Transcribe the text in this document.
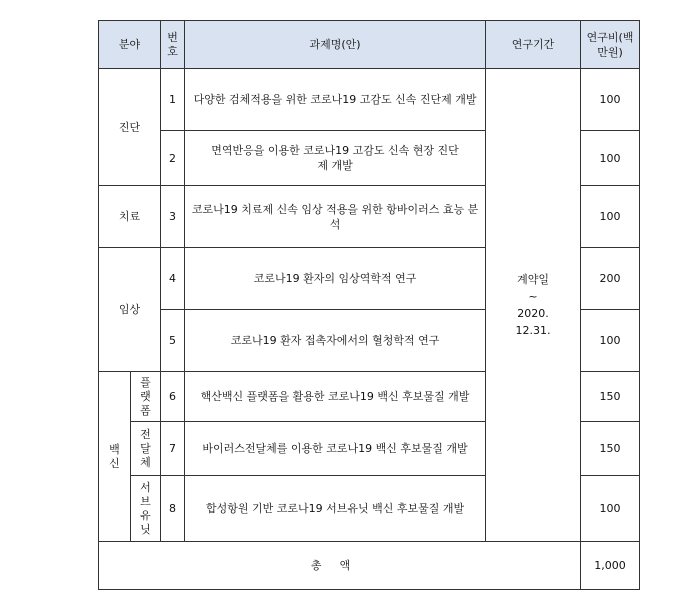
분야		번호	과제명(안)	연구기간	연구비(백만원)
진단		1	다양한 검체적용을 위한 코로나19 고감도 신속 진단제 개발	계약일 ~ 2020. 12.31.	100
		2	면역반응을 이용한 코로나19 고감도 신속 현장 진단제 개발		100
치료		3	코로나19 치료제 신속 임상 적용을 위한 항바이러스 효능 분석		100
임상		4	코로나19 환자의 임상역학적 연구		200
		5	코로나19 환자 접촉자에서의 혈청학적 연구		100
백신	플랫폼	6	핵산백신 플랫폼을 활용한 코로나19 백신 후보물질 개발		150
	전달체	7	바이러스전달체를 이용한 코로나19 백신 후보물질 개발		150
	서브유닛	8	합성항원 기반 코로나19 서브유닛 백신 후보물질 개발		100
총액					1,000
